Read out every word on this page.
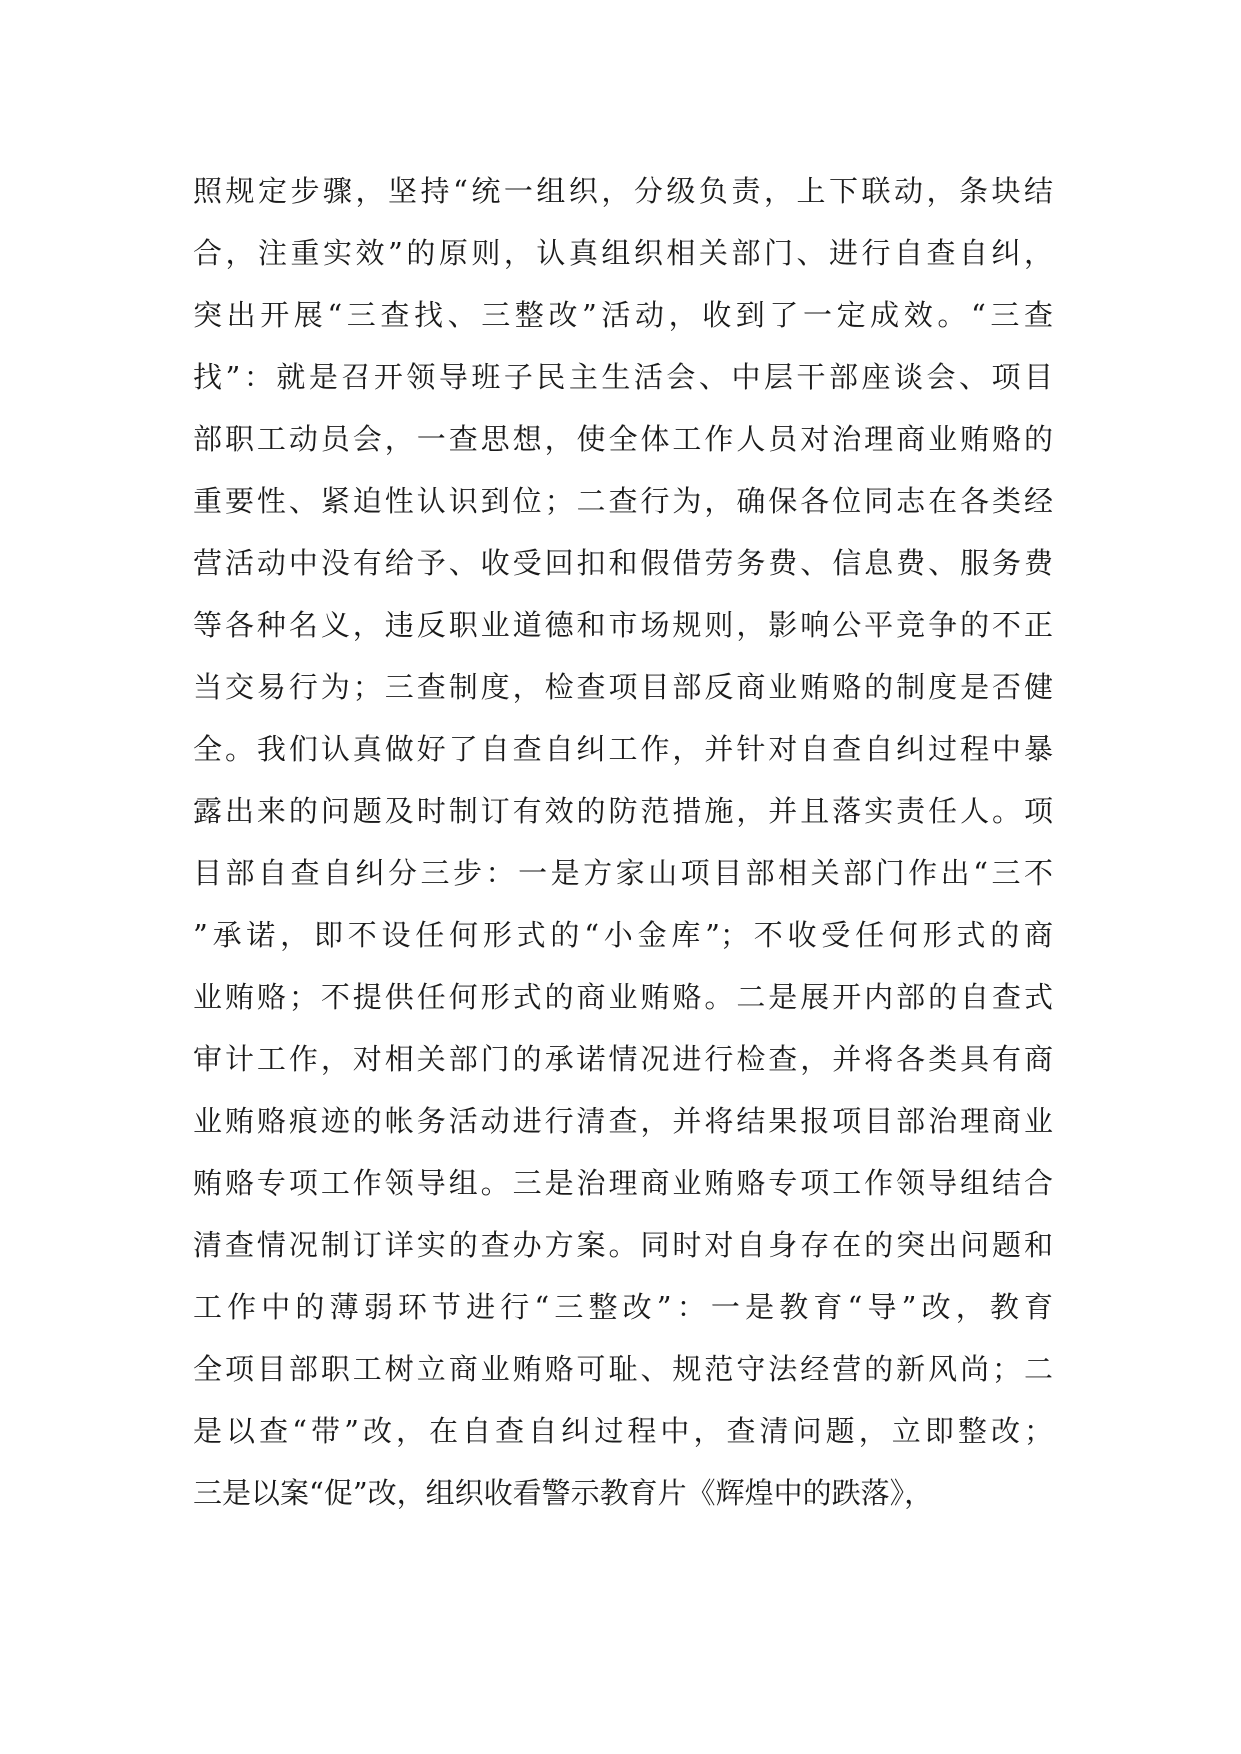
照规定步骤，坚持“统一组织，分级负责，上下联动，条块结
合，注重实效”的原则，认真组织相关部门、进行自查自纠，
突出开展“三查找、三整改”活动，收到了一定成效。“三查
找”：就是召开领导班子民主生活会、中层干部座谈会、项目
部职工动员会，一查思想，使全体工作人员对治理商业贿赂的
重要性、紧迫性认识到位；二查行为，确保各位同志在各类经
营活动中没有给予、收受回扣和假借劳务费、信息费、服务费
等各种名义，违反职业道德和市场规则，影响公平竞争的不正
当交易行为；三查制度，检查项目部反商业贿赂的制度是否健
全。我们认真做好了自查自纠工作，并针对自查自纠过程中暴
露出来的问题及时制订有效的防范措施，并且落实责任人。项
目部自查自纠分三步：一是方家山项目部相关部门作出“三不
”承诺，即不设任何形式的“小金库”；不收受任何形式的商
业贿赂；不提供任何形式的商业贿赂。二是展开内部的自查式
审计工作，对相关部门的承诺情况进行检查，并将各类具有商
业贿赂痕迹的帐务活动进行清查，并将结果报项目部治理商业
贿赂专项工作领导组。三是治理商业贿赂专项工作领导组结合
清查情况制订详实的查办方案。同时对自身存在的突出问题和
工作中的薄弱环节进行“三整改”：一是教育“导”改，教育
全项目部职工树立商业贿赂可耻、规范守法经营的新风尚；二
是以查“带”改，在自查自纠过程中，查清问题，立即整改；
三是以案“促”改，组织收看警示教育片《辉煌中的跌落》，
